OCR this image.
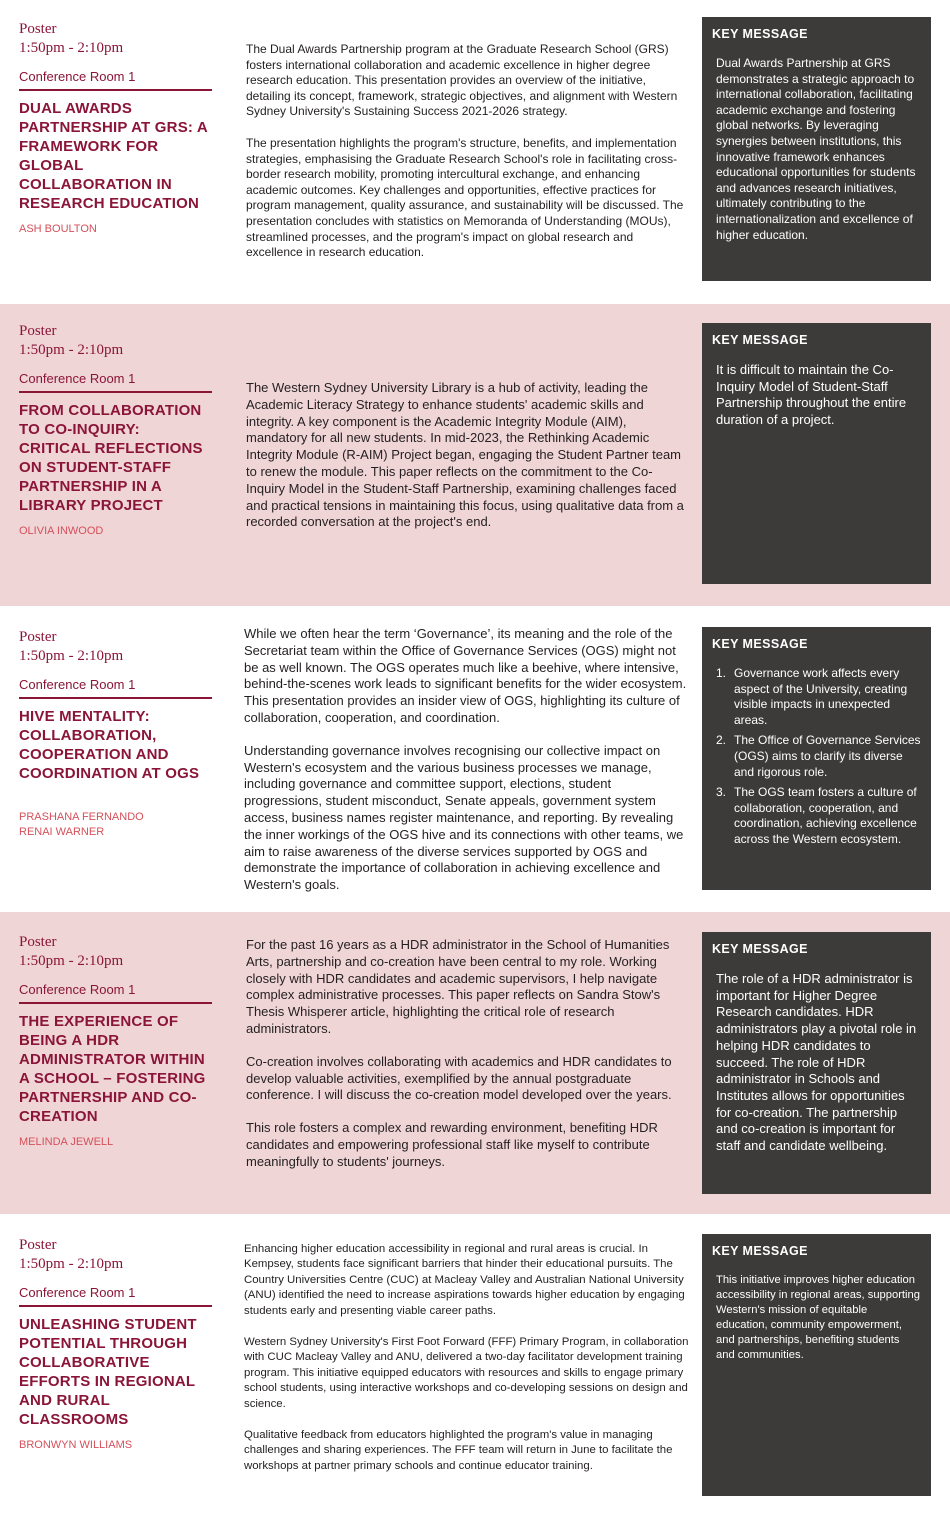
Poster
1:50pm - 2:10pm
Conference Room 1
DUAL AWARDS PARTNERSHIP AT GRS: A FRAMEWORK FOR GLOBAL COLLABORATION IN RESEARCH EDUCATION
ASH BOULTON

The Dual Awards Partnership program at the Graduate Research School (GRS) fosters international collaboration and academic excellence in higher degree research education. This presentation provides an overview of the initiative, detailing its concept, framework, strategic objectives, and alignment with Western Sydney University's Sustaining Success 2021-2026 strategy.

The presentation highlights the program's structure, benefits, and implementation strategies, emphasising the Graduate Research School's role in facilitating cross-border research mobility, promoting intercultural exchange, and enhancing academic outcomes. Key challenges and opportunities, effective practices for program management, quality assurance, and sustainability will be discussed. The presentation concludes with statistics on Memoranda of Understanding (MOUs), streamlined processes, and the program's impact on global research and excellence in research education.

KEY MESSAGE
Dual Awards Partnership at GRS demonstrates a strategic approach to international collaboration, facilitating academic exchange and fostering global networks. By leveraging synergies between institutions, this innovative framework enhances educational opportunities for students and advances research initiatives, ultimately contributing to the internationalization and excellence of higher education.
Poster
1:50pm - 2:10pm
Conference Room 1
FROM COLLABORATION TO CO-INQUIRY: CRITICAL REFLECTIONS ON STUDENT-STAFF PARTNERSHIP IN A LIBRARY PROJECT
OLIVIA INWOOD

The Western Sydney University Library is a hub of activity, leading the Academic Literacy Strategy to enhance students' academic skills and integrity. A key component is the Academic Integrity Module (AIM), mandatory for all new students. In mid-2023, the Rethinking Academic Integrity Module (R-AIM) Project began, engaging the Student Partner team to renew the module. This paper reflects on the commitment to the Co-Inquiry Model in the Student-Staff Partnership, examining challenges faced and practical tensions in maintaining this focus, using qualitative data from a recorded conversation at the project's end.

KEY MESSAGE
It is difficult to maintain the Co-Inquiry Model of Student-Staff Partnership throughout the entire duration of a project.
Poster
1:50pm - 2:10pm
Conference Room 1
HIVE MENTALITY: COLLABORATION, COOPERATION AND COORDINATION AT OGS
PRASHANA FERNANDO
RENAI WARNER

While we often hear the term ‘Governance’, its meaning and the role of the Secretariat team within the Office of Governance Services (OGS) might not be as well known. The OGS operates much like a beehive, where intensive, behind-the-scenes work leads to significant benefits for the wider ecosystem. This presentation provides an insider view of OGS, highlighting its culture of collaboration, cooperation, and coordination.

Understanding governance involves recognising our collective impact on Western's ecosystem and the various business processes we manage, including governance and committee support, elections, student progressions, student misconduct, Senate appeals, government system access, business names register maintenance, and reporting. By revealing the inner workings of the OGS hive and its connections with other teams, we aim to raise awareness of the diverse services supported by OGS and demonstrate the importance of collaboration in achieving excellence and Western's goals.

KEY MESSAGE
1. Governance work affects every aspect of the University, creating visible impacts in unexpected areas.
2. The Office of Governance Services (OGS) aims to clarify its diverse and rigorous role.
3. The OGS team fosters a culture of collaboration, cooperation, and coordination, achieving excellence across the Western ecosystem.
Poster
1:50pm - 2:10pm
Conference Room 1
THE EXPERIENCE OF BEING A HDR ADMINISTRATOR WITHIN A SCHOOL – FOSTERING PARTNERSHIP AND CO-CREATION
MELINDA JEWELL

For the past 16 years as a HDR administrator in the School of Humanities Arts, partnership and co-creation have been central to my role. Working closely with HDR candidates and academic supervisors, I help navigate complex administrative processes. This paper reflects on Sandra Stow's Thesis Whisperer article, highlighting the critical role of research administrators.

Co-creation involves collaborating with academics and HDR candidates to develop valuable activities, exemplified by the annual postgraduate conference. I will discuss the co-creation model developed over the years.

This role fosters a complex and rewarding environment, benefiting HDR candidates and empowering professional staff like myself to contribute meaningfully to students' journeys.

KEY MESSAGE
The role of a HDR administrator is important for Higher Degree Research candidates. HDR administrators play a pivotal role in helping HDR candidates to succeed. The role of HDR administrator in Schools and Institutes allows for opportunities for co-creation. The partnership and co-creation is important for staff and candidate wellbeing.
Poster
1:50pm - 2:10pm
Conference Room 1
UNLEASHING STUDENT POTENTIAL THROUGH COLLABORATIVE EFFORTS IN REGIONAL AND RURAL CLASSROOMS
BRONWYN WILLIAMS

Enhancing higher education accessibility in regional and rural areas is crucial. In Kempsey, students face significant barriers that hinder their educational pursuits. The Country Universities Centre (CUC) at Macleay Valley and Australian National University (ANU) identified the need to increase aspirations towards higher education by engaging students early and presenting viable career paths.

Western Sydney University's First Foot Forward (FFF) Primary Program, in collaboration with CUC Macleay Valley and ANU, delivered a two-day facilitator development training program. This initiative equipped educators with resources and skills to engage primary school students, using interactive workshops and co-developing sessions on design and science.

Qualitative feedback from educators highlighted the program's value in managing challenges and sharing experiences. The FFF team will return in June to facilitate the workshops at partner primary schools and continue educator training.

KEY MESSAGE
This initiative improves higher education accessibility in regional areas, supporting Western's mission of equitable education, community empowerment, and partnerships, benefiting students and communities.
